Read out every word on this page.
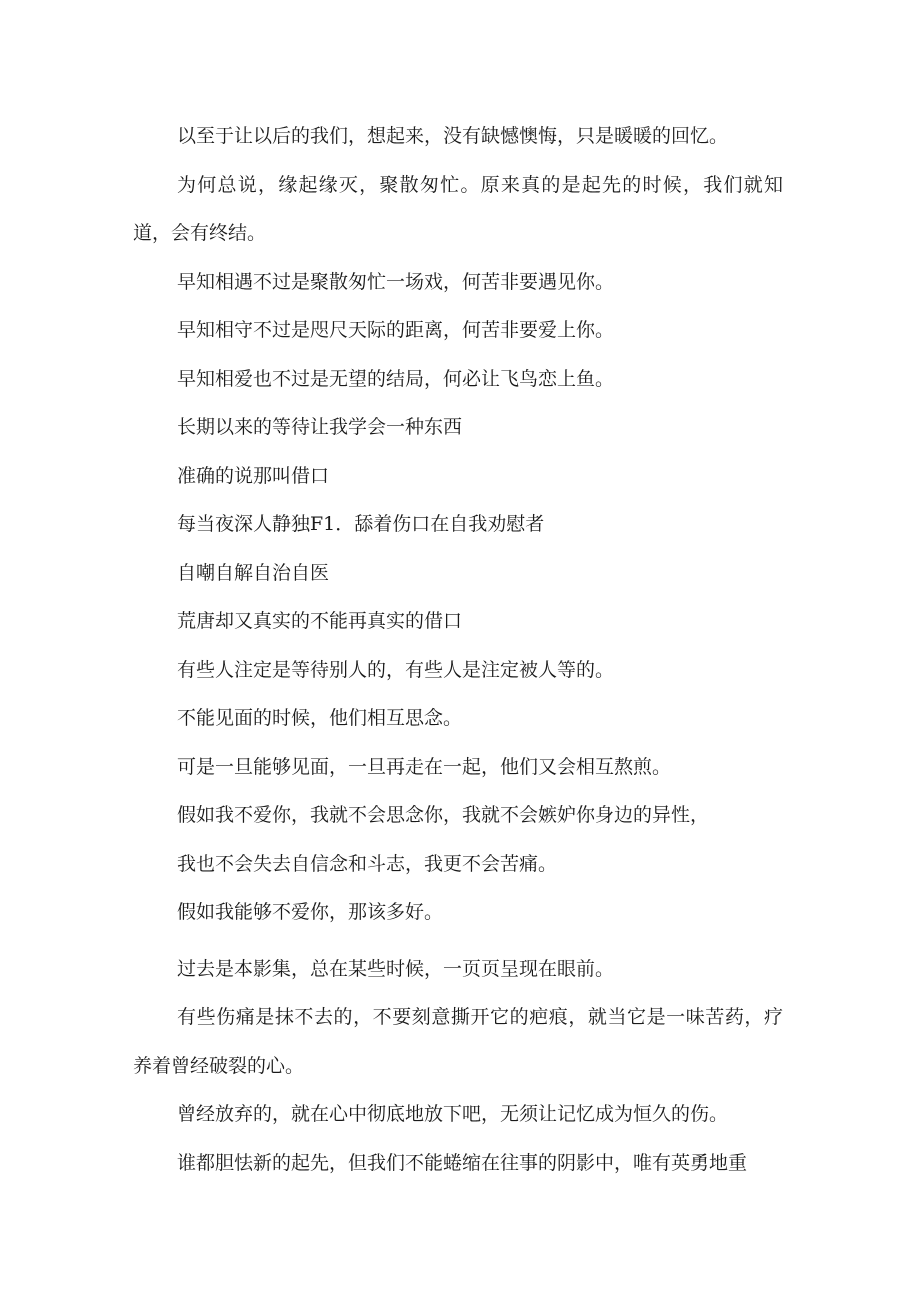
以至于让以后的我们，想起来，没有缺憾懊悔，只是暖暖的回忆。

为何总说，缘起缘灭，聚散匆忙。原来真的是起先的时候，我们就知道，会有终结。

早知相遇不过是聚散匆忙一场戏，何苦非要遇见你。

早知相守不过是咫尺天际的距离，何苦非要爱上你。

早知相爱也不过是无望的结局，何必让飞鸟恋上鱼。

长期以来的等待让我学会一种东西

准确的说那叫借口

每当夜深人静独F1．舔着伤口在自我劝慰者

自嘲自解自治自医

荒唐却又真实的不能再真实的借口

有些人注定是等待别人的，有些人是注定被人等的。

不能见面的时候，他们相互思念。

可是一旦能够见面，一旦再走在一起，他们又会相互熬煎。

假如我不爱你，我就不会思念你，我就不会嫉妒你身边的异性，

我也不会失去自信念和斗志，我更不会苦痛。

假如我能够不爱你，那该多好。

过去是本影集，总在某些时候，一页页呈现在眼前。

有些伤痛是抹不去的，不要刻意撕开它的疤痕，就当它是一味苦药，疗养着曾经破裂的心。

曾经放弃的，就在心中彻底地放下吧，无须让记忆成为恒久的伤。

谁都胆怯新的起先，但我们不能蜷缩在往事的阴影中，唯有英勇地重
